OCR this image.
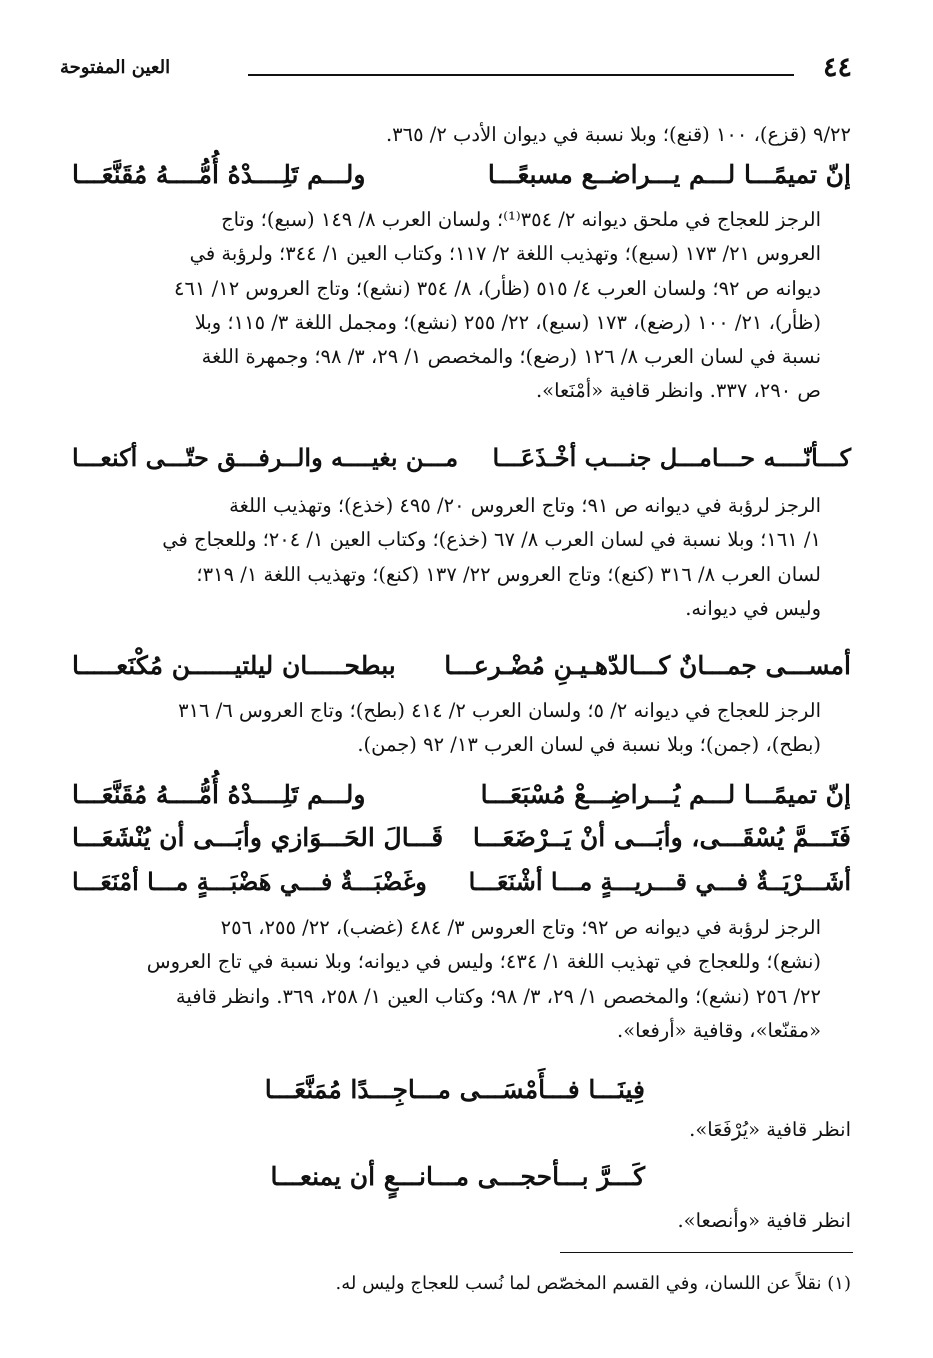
٤٤
العين المفتوحة
٩/٢٢ (قزع)، ١٠٠ (قنع)؛ وبلا نسبة في ديوان الأدب ٢/ ٣٦٥.
إنّ تميمًـــا لـــم يـــراضــع مسبعًـــا
ولـــم تَلِــــدْهُ أُمُّــــهُ مُقَنَّعَـــا
الرجز للعجاج في ملحق ديوانه ٢/ ٣٥٤⁽¹⁾؛ ولسان العرب ٨/ ١٤٩ (سبع)؛ وتاج
العروس ٢١/ ١٧٣ (سبع)؛ وتهذيب اللغة ٢/ ١١٧؛ وكتاب العين ١/ ٣٤٤؛ ولرؤبة في
ديوانه ص ٩٢؛ ولسان العرب ٤/ ٥١٥ (ظأر)، ٨/ ٣٥٤ (نشع)؛ وتاج العروس ١٢/ ٤٦١
(ظأر)، ٢١/ ١٠٠ (رضع)، ١٧٣ (سبع)، ٢٢/ ٢٥٥ (نشع)؛ ومجمل اللغة ٣/ ١١٥؛ وبلا
نسبة في لسان العرب ٨/ ١٢٦ (رضع)؛ والمخصص ١/ ٢٩، ٣/ ٩٨؛ وجمهرة اللغة
ص ٢٩٠، ٣٣٧. وانظر قافية «أمْنَعا».
كـــأنّــــه حـــامـــل جنـــب أخْـذَعَـــا
مـــن بغيــــه والــرفـــق حتّـــى أكنعـــا
الرجز لرؤبة في ديوانه ص ٩١؛ وتاج العروس ٢٠/ ٤٩٥ (خذع)؛ وتهذيب اللغة
١/ ١٦١؛ وبلا نسبة في لسان العرب ٨/ ٦٧ (خذع)؛ وكتاب العين ١/ ٢٠٤؛ وللعجاج في
لسان العرب ٨/ ٣١٦ (كنع)؛ وتاج العروس ٢٢/ ١٣٧ (كنع)؛ وتهذيب اللغة ١/ ٣١٩؛
وليس في ديوانه.
أمســـى جمـــانٌ كـــالدّهـيـنِ مُضْـرعـــا
ببطحـــــان ليلتيــــــن مُكْنَعـــــا
الرجز للعجاج في ديوانه ٢/ ٥؛ ولسان العرب ٢/ ٤١٤ (بطح)؛ وتاج العروس ٦/ ٣١٦
(بطح)، (جمن)؛ وبلا نسبة في لسان العرب ١٣/ ٩٢ (جمن).
إنّ تميمًـــا لـــم يُـــراضِـــعْ مُسْبَعَـــا
ولـــم تَلِــــدْهُ أُمُّــــهُ مُقَنَّعَـــا
فَتَـــمَّ يُسْقَـــى، وأبَـــى أنْ يَــرْضَعَـــا
قَـــالَ الحَـــوَازي وأبَـــى أن يُنْشَعَـــا
أشَـــرْيَــةٌ فـــي قـــريـــةٍ مـــا أشْنَعَـــا
وغَضْبَـــةٌ فـــي هَضْبَـــةٍ مـــا أمْنَعَـــا
الرجز لرؤبة في ديوانه ص ٩٢؛ وتاج العروس ٣/ ٤٨٤ (غضب)، ٢٢/ ٢٥٥، ٢٥٦
(نشع)؛ وللعجاج في تهذيب اللغة ١/ ٤٣٤؛ وليس في ديوانه؛ وبلا نسبة في تاج العروس
٢٢/ ٢٥٦ (نشع)؛ والمخصص ١/ ٢٩، ٣/ ٩٨؛ وكتاب العين ١/ ٢٥٨، ٣٦٩. وانظر قافية
«مقنّعا»، وقافية «أرفعا».
فِينَـــا فـــأَمْسَـــى مـــاجِـــدًا مُمَنَّعَـــا
انظر قافية «يُرْفَعَا».
كَـــرَّ بـــأحجـــى مـــانـــعٍ أن يمنعـــا
انظر قافية «وأنصعا».
(١) نقلاً عن اللسان، وفي القسم المخصّص لما نُسب للعجاج وليس له.
